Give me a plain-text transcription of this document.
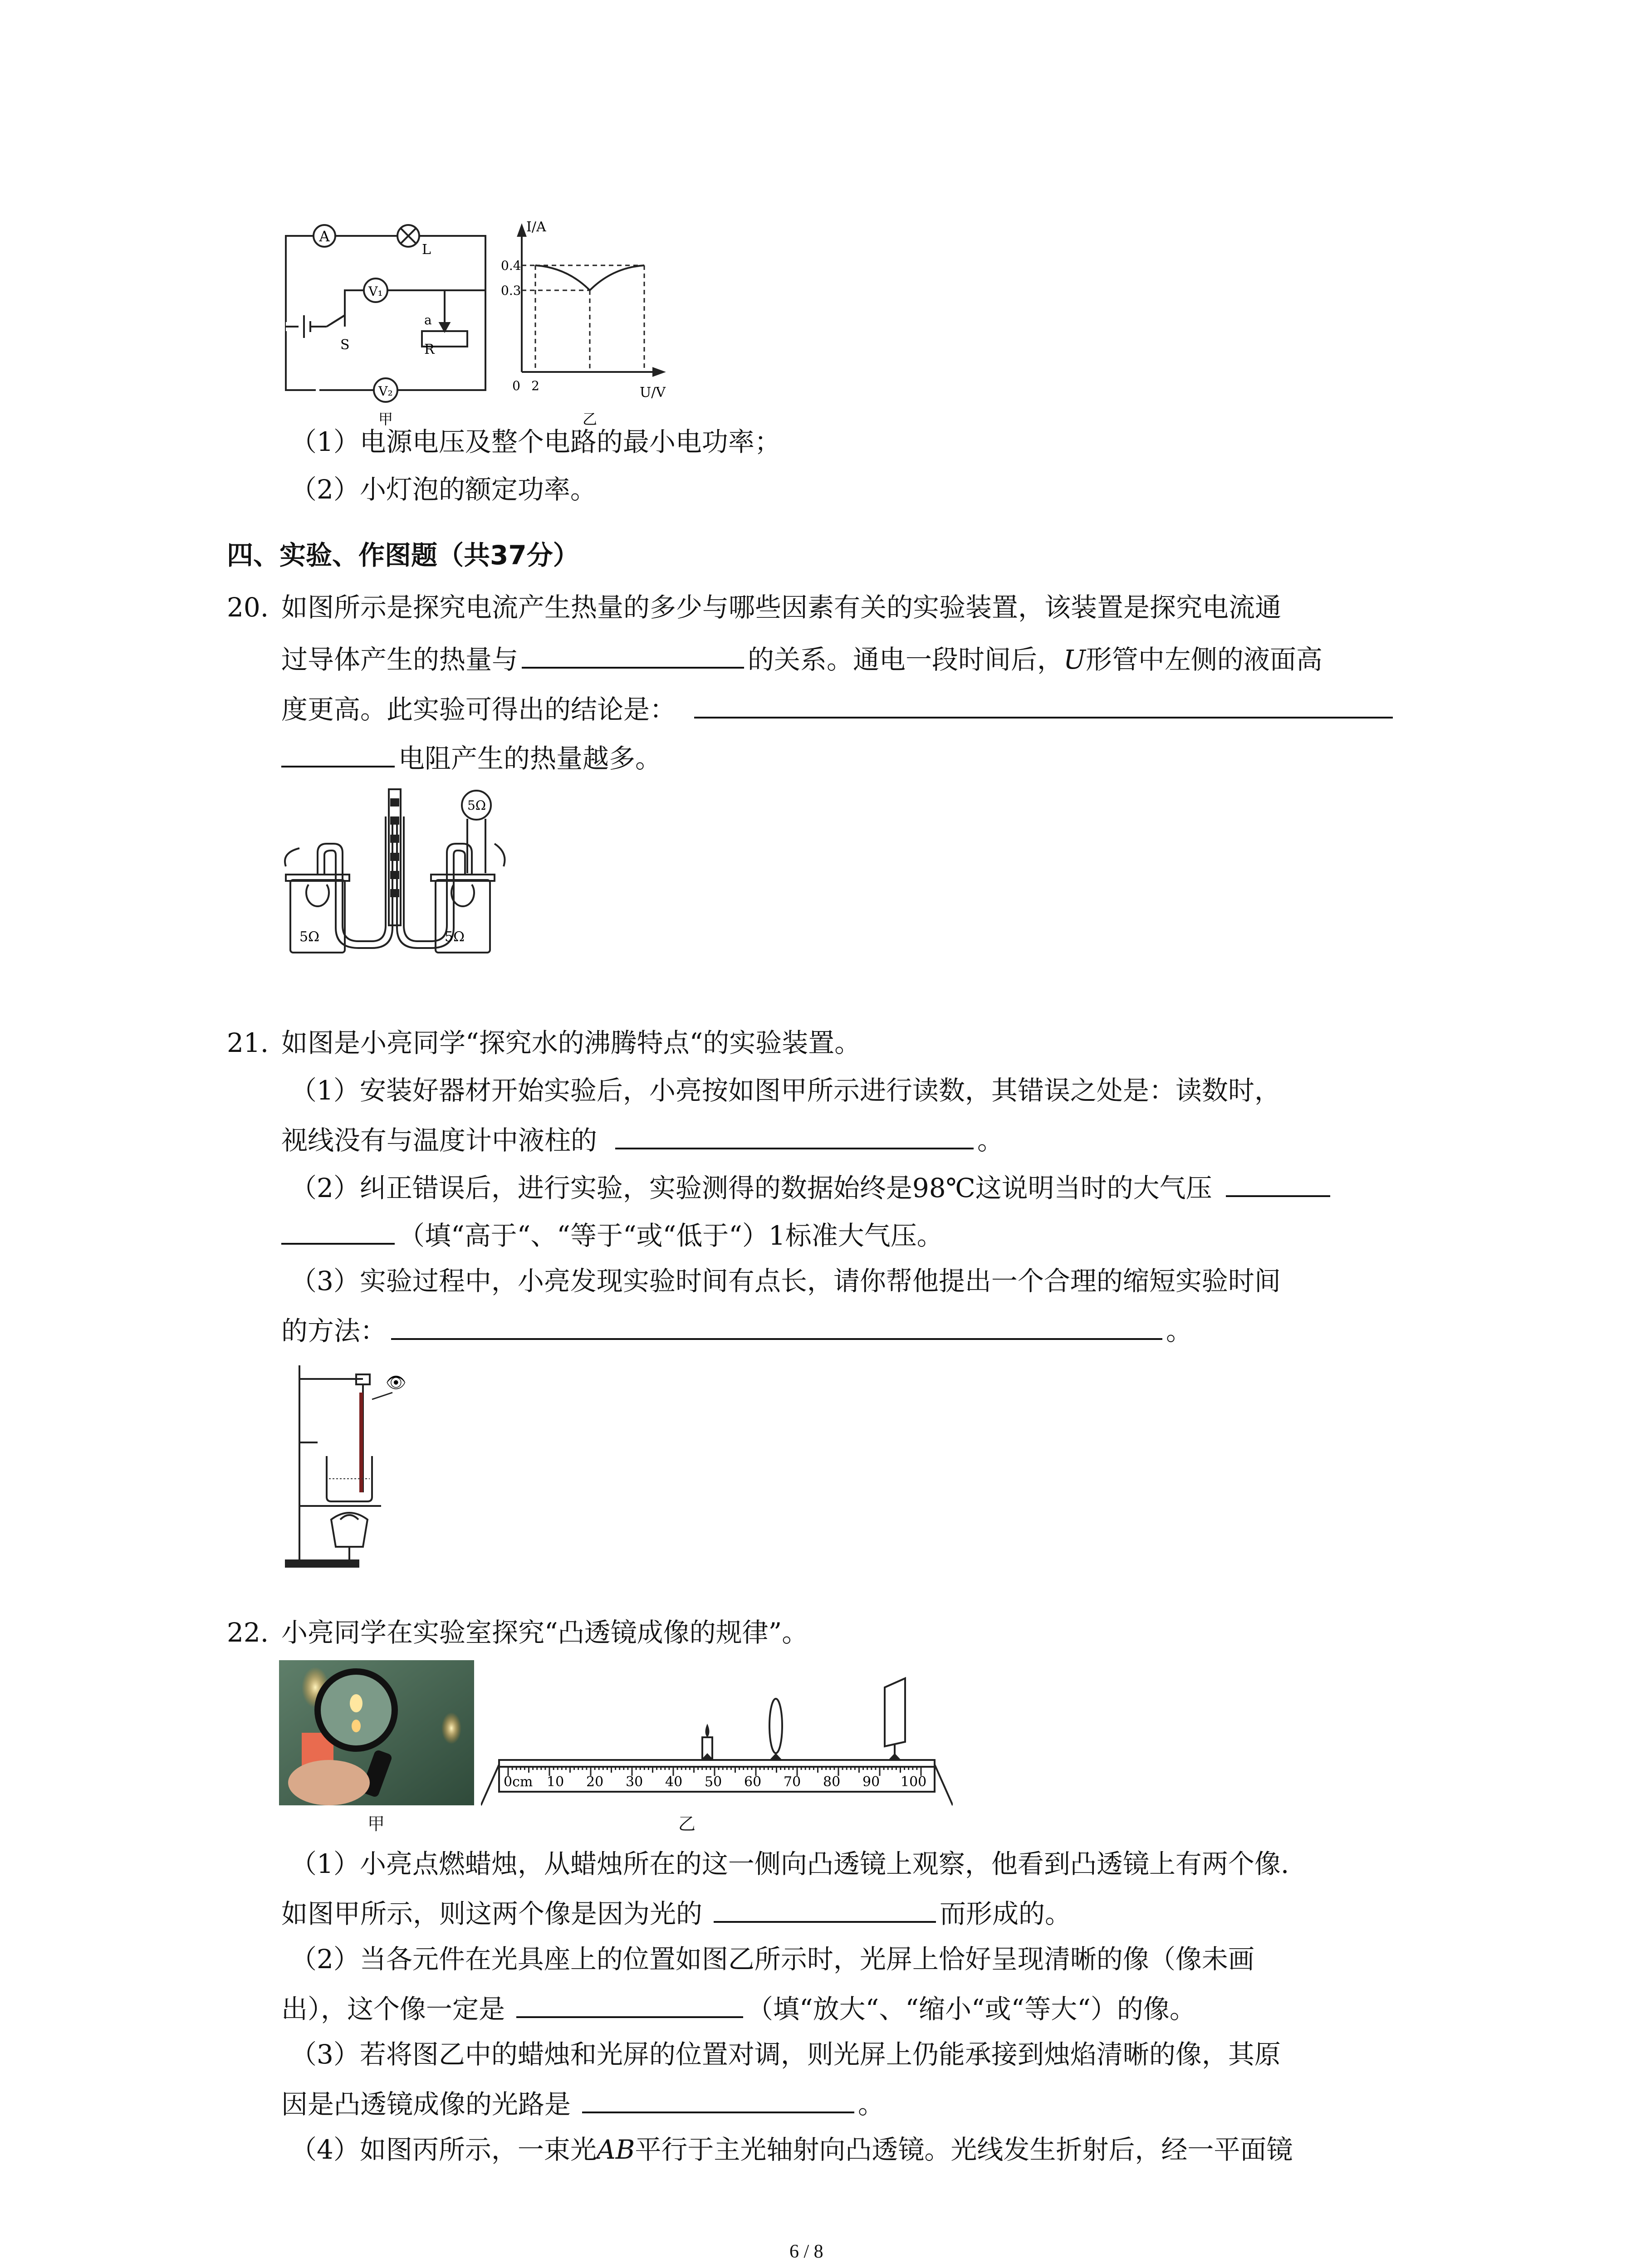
A
L
V₁
V₂
S
a
R
甲
I/A
0.4
0.3
0 2	U/V
乙
（1）电源电压及整个电路的最小电功率；
（2）小灯泡的额定功率。
四、实验、作图题（共37分）
20. 如图所示是探究电流产生热量的多少与哪些因素有关的实验装置，该装置是探究电流通
过导体产生的热量与	的关系。通电一段时间后，U形管中左侧的液面高
度更高。此实验可得出的结论是：
电阻产生的热量越多。
5Ω	5Ω
5Ω
21. 如图是小亮同学“探究水的沸腾特点“的实验装置。
（1）安装好器材开始实验后，小亮按如图甲所示进行读数，其错误之处是：读数时，
视线没有与温度计中液柱的	。
（2）纠正错误后，进行实验，实验测得的数据始终是98℃这说明当时的大气压
（填“高于“、“等于“或“低于“）1标准大气压。
（3）实验过程中，小亮发现实验时间有点长，请你帮他提出一个合理的缩短实验时间
的方法：	。
👁
22. 小亮同学在实验室探究“凸透镜成像的规律”。
甲
0cm 10 20 30 40 50 60 70 80 90 100
乙
（1）小亮点燃蜡烛，从蜡烛所在的这一侧向凸透镜上观察，他看到凸透镜上有两个像.
如图甲所示，则这两个像是因为光的	而形成的。
（2）当各元件在光具座上的位置如图乙所示时，光屏上恰好呈现清晰的像（像未画
出），这个像一定是	（填“放大“、“缩小“或“等大“）的像。
（3）若将图乙中的蜡烛和光屏的位置对调，则光屏上仍能承接到烛焰清晰的像，其原
因是凸透镜成像的光路是	。
（4）如图丙所示，一束光AB平行于主光轴射向凸透镜。光线发生折射后，经一平面镜
6 / 8
